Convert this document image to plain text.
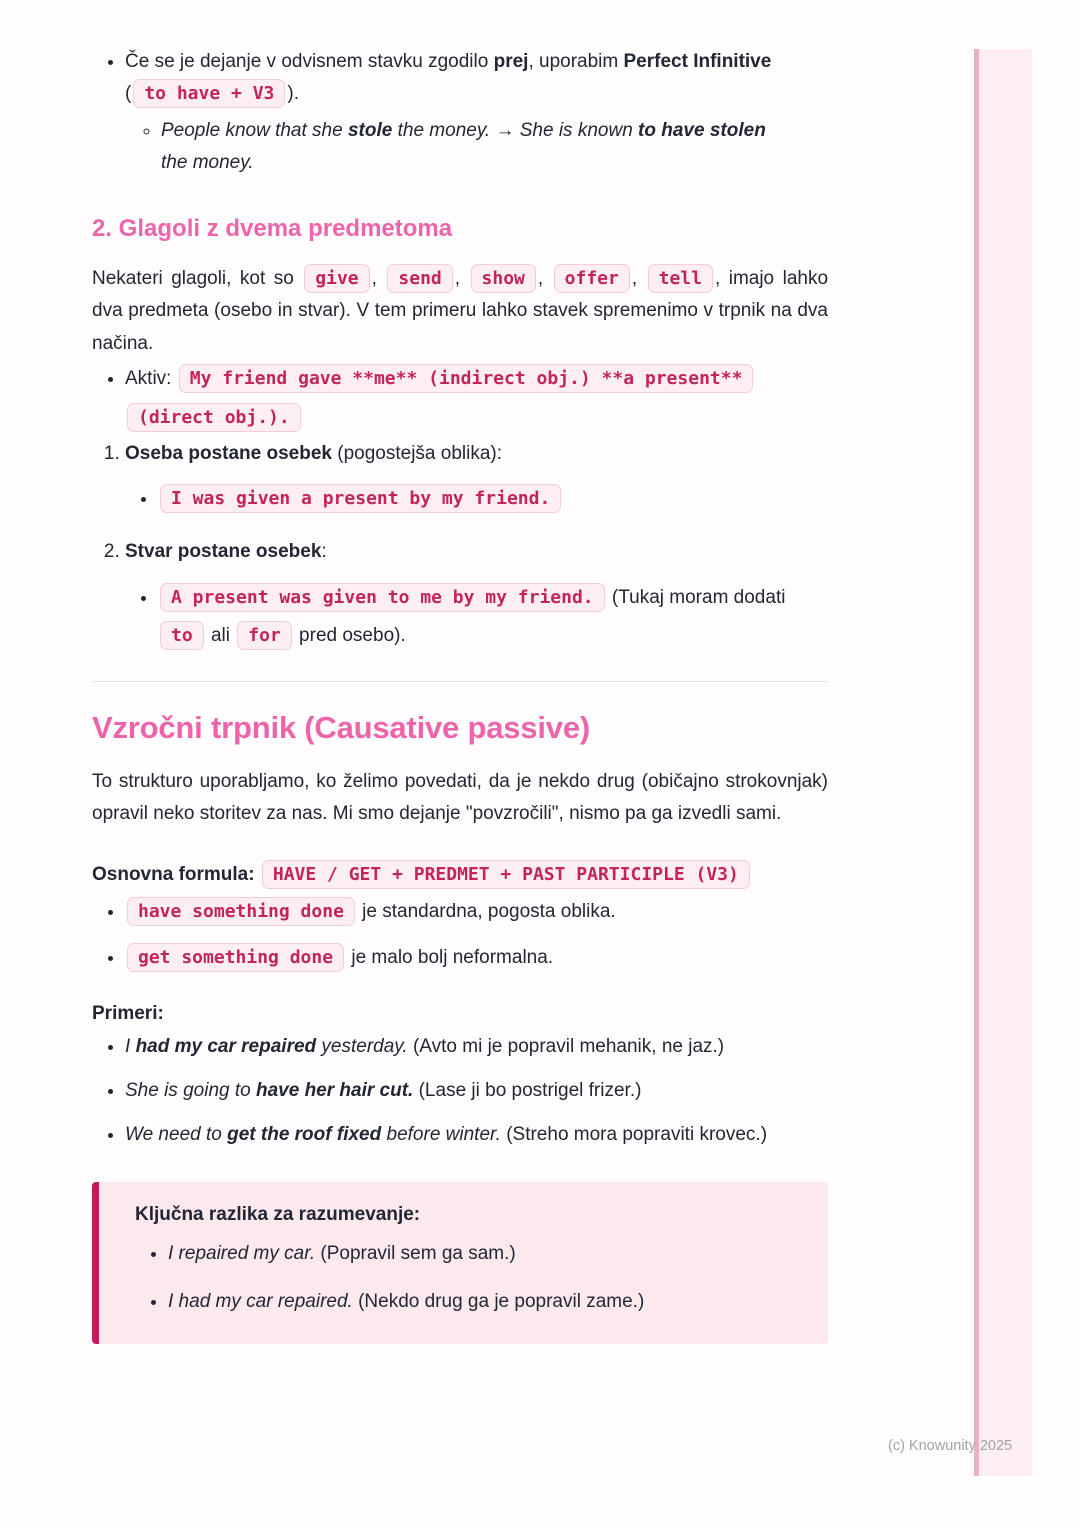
• Če se je dejanje v odvisnem stavku zgodilo prej, uporabim Perfect Infinitive ( to have + V3 ).
◦ People know that she stole the money. → She is known to have stolen the money.
2. Glagoli z dvema predmetoma

Nekateri glagoli, kot so give , send , show , offer , tell , imajo lahko dva predmeta (osebo in stvar). V tem primeru lahko stavek spremenimo v trpnik na dva načina.

• Aktiv: My friend gave **me** (indirect obj.) **a present** (direct obj.).
1. Oseba postane osebek (pogostejša oblika):
• I was given a present by my friend.
2. Stvar postane osebek:
• A present was given to me by my friend. (Tukaj moram dodati to ali for pred osebo).
Vzročni trpnik (Causative passive)

To strukturo uporabljamo, ko želimo povedati, da je nekdo drug (običajno strokovnjak) opravil neko storitev za nas. Mi smo dejanje "povzročili", nismo pa ga izvedli sami.

Osnovna formula: HAVE / GET + PREDMET + PAST PARTICIPLE (V3)

• have something done je standardna, pogosta oblika.
• get something done je malo bolj neformalna.

Primeri:

• I had my car repaired yesterday. (Avto mi je popravil mehanik, ne jaz.)
• She is going to have her hair cut. (Lase ji bo postrigel frizer.)
• We need to get the roof fixed before winter. (Streho mora popraviti krovec.)

Ključna razlika za razumevanje:

• I repaired my car. (Popravil sem ga sam.)
• I had my car repaired. (Nekdo drug ga je popravil zame.)
(c) Knowunity 2025
